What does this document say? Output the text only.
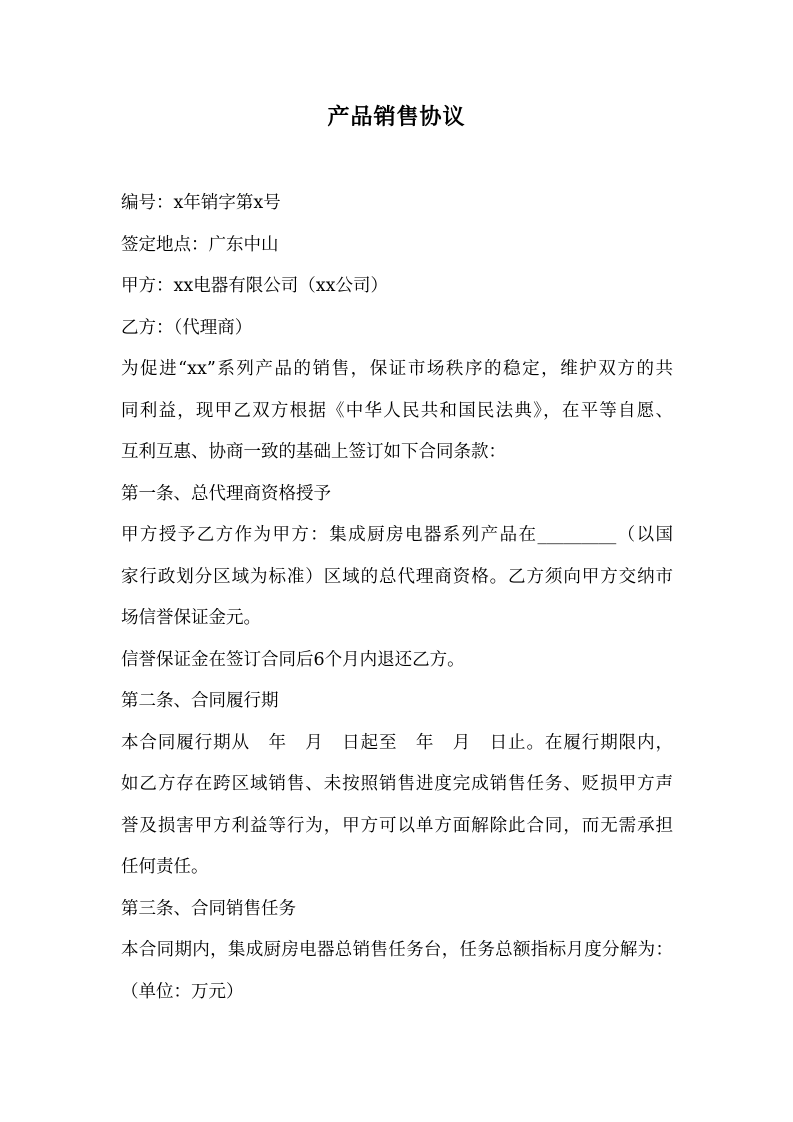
产品销售协议
编号：x年销字第x号
签定地点：广东中山
甲方：xx电器有限公司（xx公司）
乙方：（代理商）
为促进“xx”系列产品的销售，保证市场秩序的稳定，维护双方的共
同利益，现甲乙双方根据《中华人民共和国民法典》，在平等自愿、
互利互惠、协商一致的基础上签订如下合同条款：
第一条、总代理商资格授予
甲方授予乙方作为甲方：集成厨房电器系列产品在_________（以国
家行政划分区域为标准）区域的总代理商资格。乙方须向甲方交纳市
场信誉保证金元。
信誉保证金在签订合同后6个月内退还乙方。
第二条、合同履行期
本合同履行期从　年　月　日起至　年　月　日止。在履行期限内，
如乙方存在跨区域销售、未按照销售进度完成销售任务、贬损甲方声
誉及损害甲方利益等行为，甲方可以单方面解除此合同，而无需承担
任何责任。
第三条、合同销售任务
本合同期内，集成厨房电器总销售任务台，任务总额指标月度分解为：
（单位：万元）
